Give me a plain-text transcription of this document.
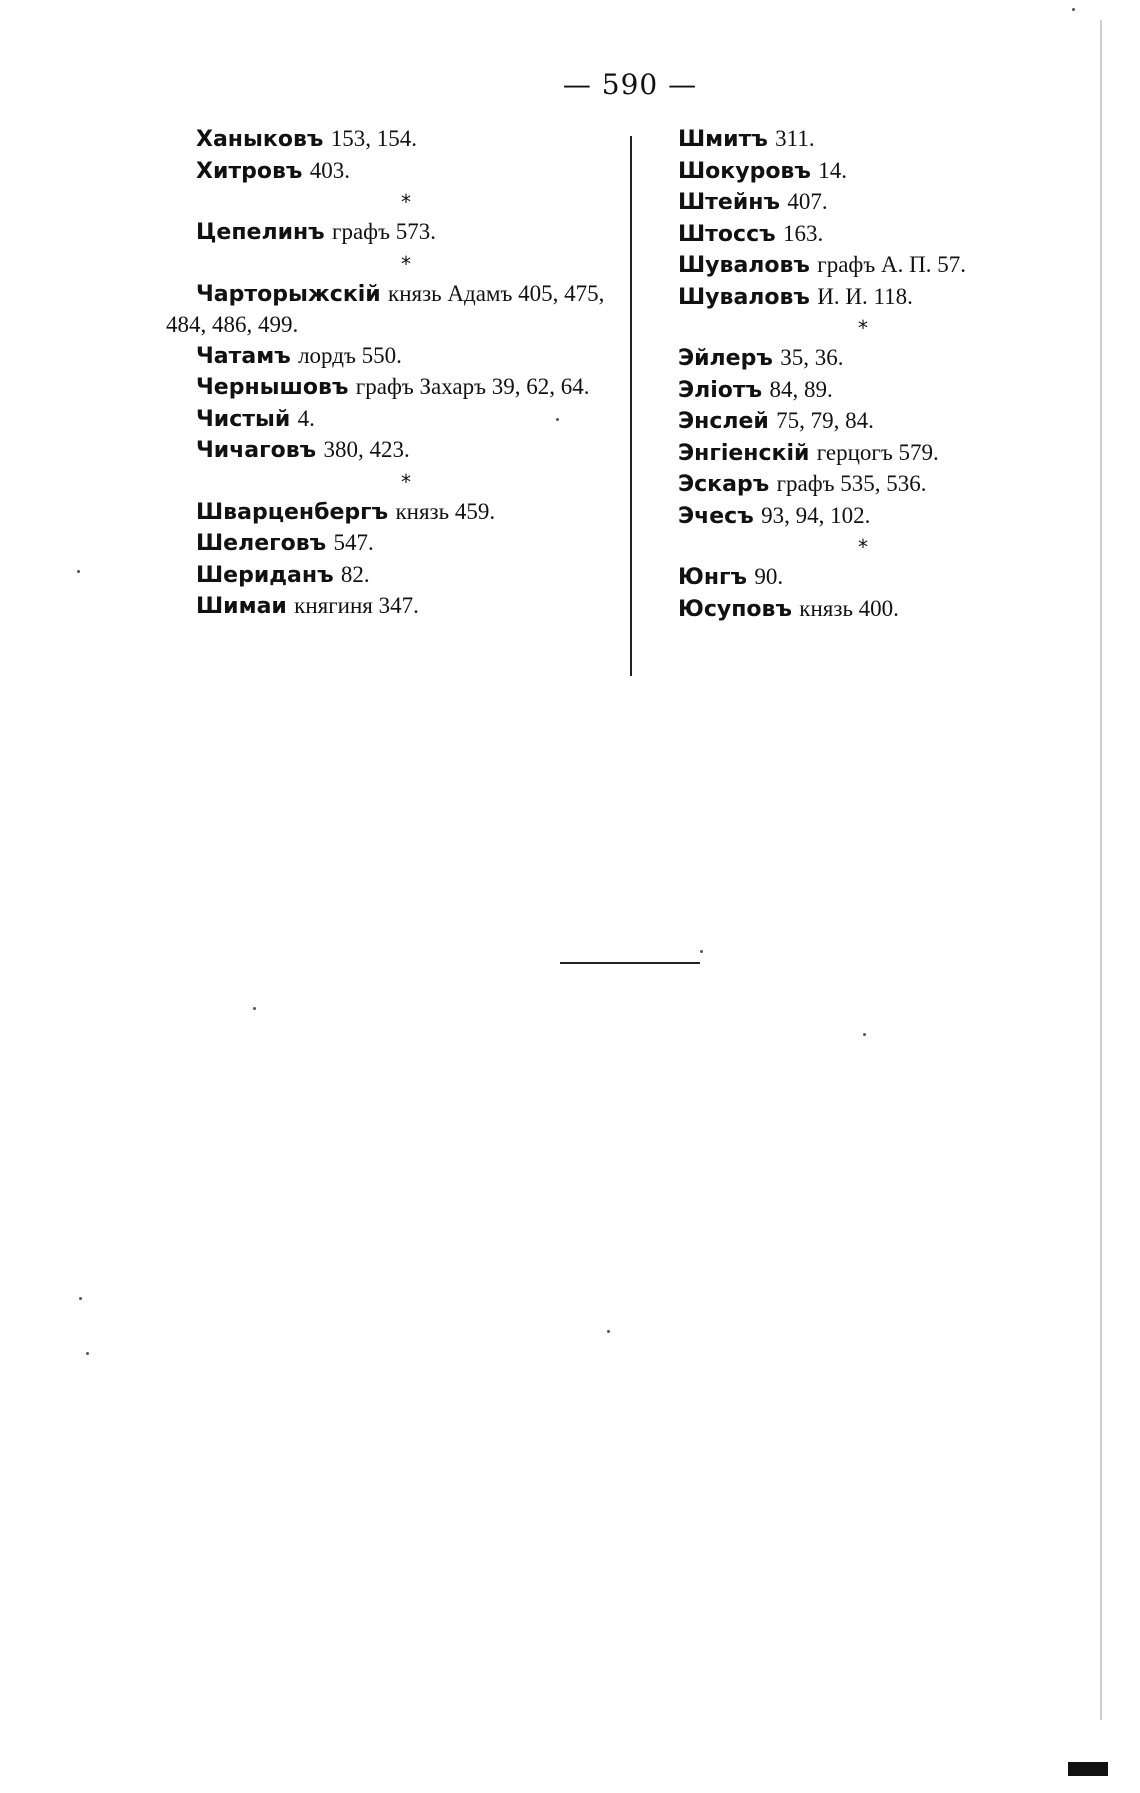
— 590 —
Ханыковъ 153, 154.
Хитровъ 403.
*
Цепелинъ графъ 573.
*
Чарторыжскій князь Адамъ 405, 475, 484, 486, 499.
Чатамъ лордъ 550.
Чернышовъ графъ Захаръ 39, 62, 64.
Чистый 4.
Чичаговъ 380, 423.
*
Шварценбергъ князь 459.
Шелеговъ 547.
Шериданъ 82.
Шимаи княгиня 347.
Шмитъ 311.
Шокуровъ 14.
Штейнъ 407.
Штоссъ 163.
Шуваловъ графъ А. П. 57.
Шуваловъ И. И. 118.
*
Эйлеръ 35, 36.
Эліотъ 84, 89.
Энслей 75, 79, 84.
Энгіенскій герцогъ 579.
Эскаръ графъ 535, 536.
Эчесъ 93, 94, 102.
*
Юнгъ 90.
Юсуповъ князь 400.
